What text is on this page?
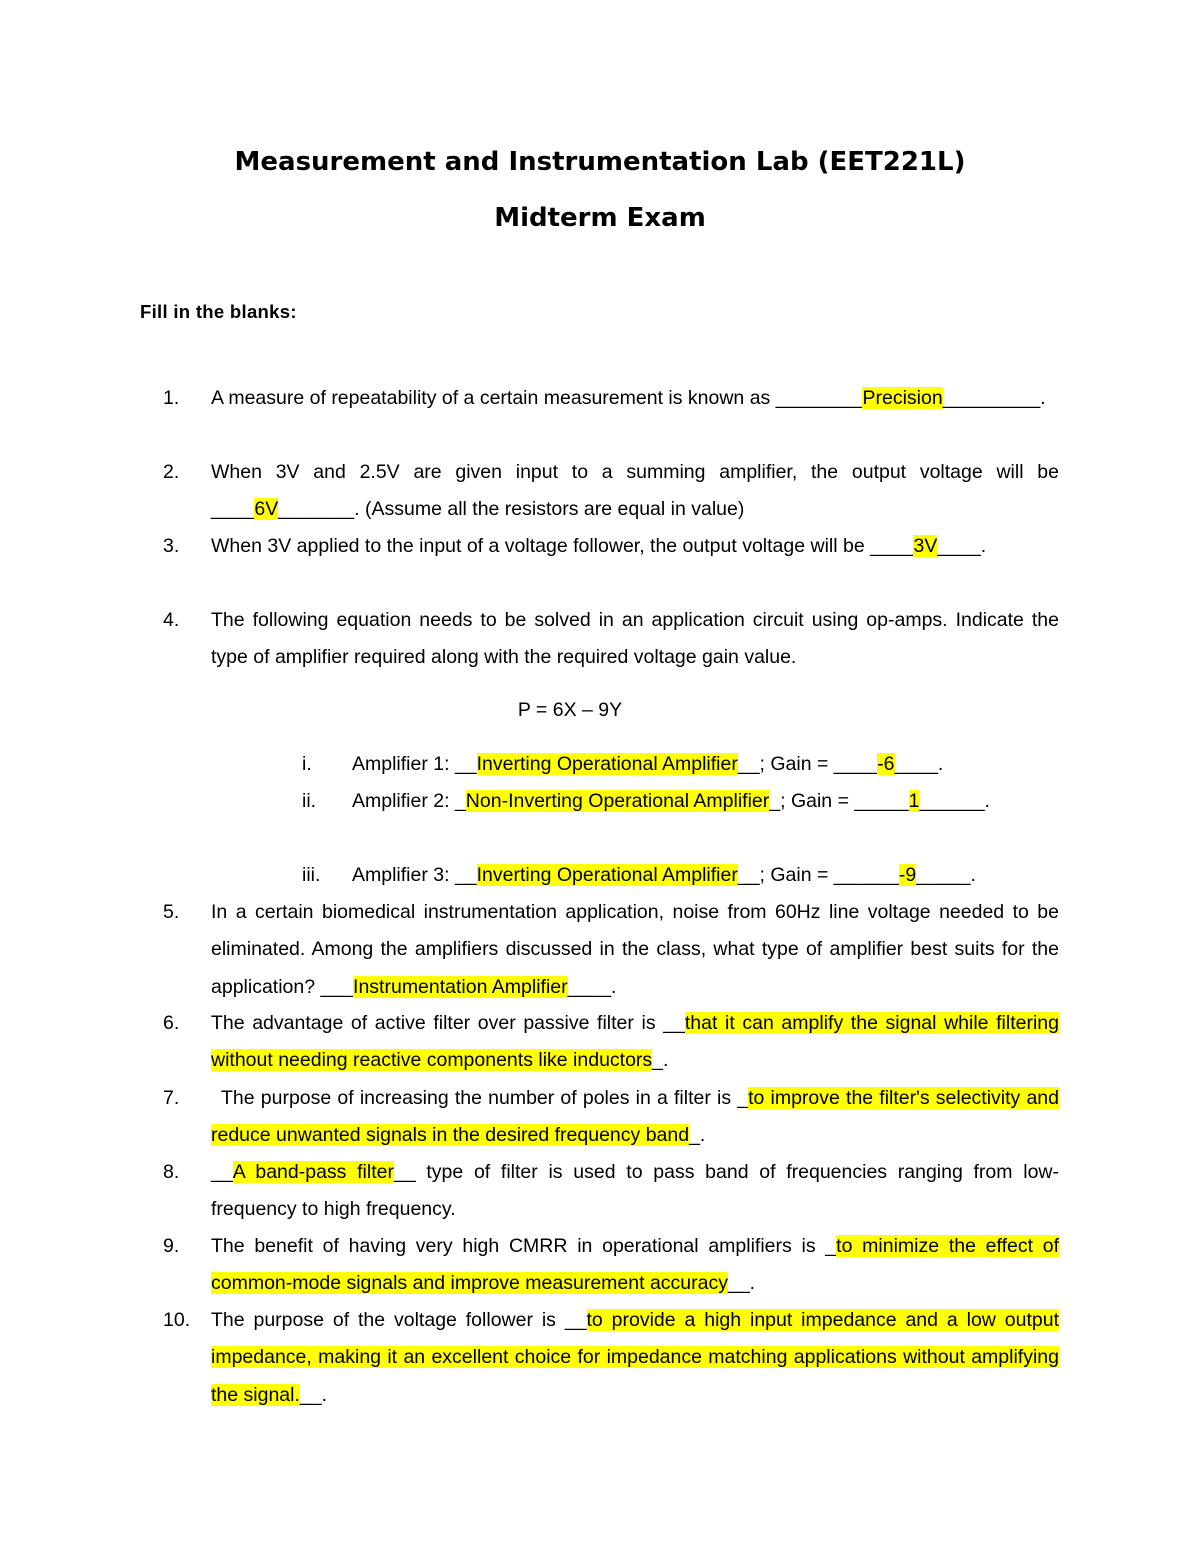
Measurement and Instrumentation Lab (EET221L)
Midterm Exam

Fill in the blanks:

1.	A measure of repeatability of a certain measurement is known as ________Precision_________.
2.	When 3V and 2.5V are given input to a summing amplifier, the output voltage will be ____6V_______. (Assume all the resistors are equal in value)
3.	When 3V applied to the input of a voltage follower, the output voltage will be ____3V____.
4.	The following equation needs to be solved in an application circuit using op-amps. Indicate the type of amplifier required along with the required voltage gain value.

P = 6X – 9Y

i.	Amplifier 1: __Inverting Operational Amplifier__; Gain = ____-6____.
ii.	Amplifier 2: _Non-Inverting Operational Amplifier_; Gain = _____1______.
iii.	Amplifier 3: __Inverting Operational Amplifier__; Gain = ______-9_____.
5.	In a certain biomedical instrumentation application, noise from 60Hz line voltage needed to be eliminated. Among the amplifiers discussed in the class, what type of amplifier best suits for the application? ___Instrumentation Amplifier____.
6.	The advantage of active filter over passive filter is __that it can amplify the signal while filtering without needing reactive components like inductors_.
7.	The purpose of increasing the number of poles in a filter is _to improve the filter's selectivity and reduce unwanted signals in the desired frequency band_.
8.	__A band-pass filter__ type of filter is used to pass band of frequencies ranging from low-frequency to high frequency.
9.	The benefit of having very high CMRR in operational amplifiers is _to minimize the effect of common-mode signals and improve measurement accuracy__.
10.	The purpose of the voltage follower is __to provide a high input impedance and a low output impedance, making it an excellent choice for impedance matching applications without amplifying the signal.__.
